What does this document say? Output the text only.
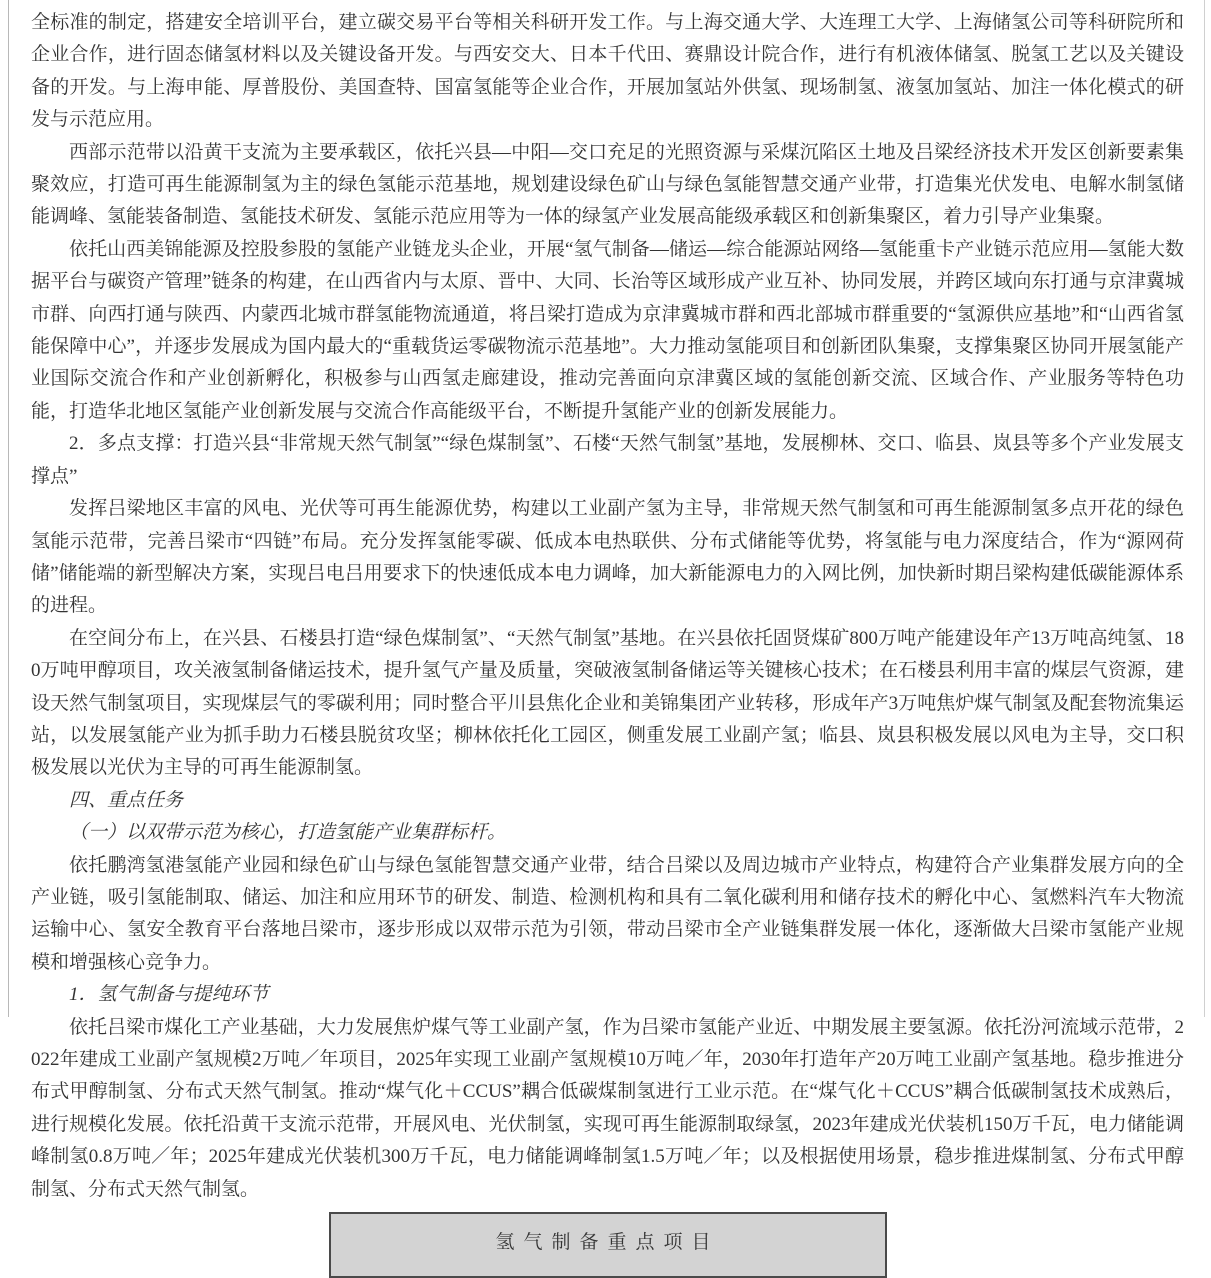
全标准的制定，搭建安全培训平台，建立碳交易平台等相关科研开发工作。与上海交通大学、大连理工大学、上海储氢公司等科研院所和企业合作，进行固态储氢材料以及关键设备开发。与西安交大、日本千代田、赛鼎设计院合作，进行有机液体储氢、脱氢工艺以及关键设备的开发。与上海申能、厚普股份、美国查特、国富氢能等企业合作，开展加氢站外供氢、现场制氢、液氢加氢站、加注一体化模式的研发与示范应用。

西部示范带以沿黄干支流为主要承载区，依托兴县—中阳—交口充足的光照资源与采煤沉陷区土地及吕梁经济技术开发区创新要素集聚效应，打造可再生能源制氢为主的绿色氢能示范基地，规划建设绿色矿山与绿色氢能智慧交通产业带，打造集光伏发电、电解水制氢储能调峰、氢能装备制造、氢能技术研发、氢能示范应用等为一体的绿氢产业发展高能级承载区和创新集聚区，着力引导产业集聚。

依托山西美锦能源及控股参股的氢能产业链龙头企业，开展“氢气制备—储运—综合能源站网络—氢能重卡产业链示范应用—氢能大数据平台与碳资产管理”链条的构建，在山西省内与太原、晋中、大同、长治等区域形成产业互补、协同发展，并跨区域向东打通与京津冀城市群、向西打通与陕西、内蒙西北城市群氢能物流通道，将吕梁打造成为京津冀城市群和西北部城市群重要的“氢源供应基地”和“山西省氢能保障中心”，并逐步发展成为国内最大的“重载货运零碳物流示范基地”。大力推动氢能项目和创新团队集聚，支撑集聚区协同开展氢能产业国际交流合作和产业创新孵化，积极参与山西氢走廊建设，推动完善面向京津冀区域的氢能创新交流、区域合作、产业服务等特色功能，打造华北地区氢能产业创新发展与交流合作高能级平台，不断提升氢能产业的创新发展能力。

2．多点支撑：打造兴县“非常规天然气制氢”“绿色煤制氢”、石楼“天然气制氢”基地，发展柳林、交口、临县、岚县等多个产业发展支撑点”

发挥吕梁地区丰富的风电、光伏等可再生能源优势，构建以工业副产氢为主导，非常规天然气制氢和可再生能源制氢多点开花的绿色氢能示范带，完善吕梁市“四链”布局。充分发挥氢能零碳、低成本电热联供、分布式储能等优势，将氢能与电力深度结合，作为“源网荷储”储能端的新型解决方案，实现吕电吕用要求下的快速低成本电力调峰，加大新能源电力的入网比例，加快新时期吕梁构建低碳能源体系的进程。

在空间分布上，在兴县、石楼县打造“绿色煤制氢”、“天然气制氢”基地。在兴县依托固贤煤矿800万吨产能建设年产13万吨高纯氢、180万吨甲醇项目，攻关液氢制备储运技术，提升氢气产量及质量，突破液氢制备储运等关键核心技术；在石楼县利用丰富的煤层气资源，建设天然气制氢项目，实现煤层气的零碳利用；同时整合平川县焦化企业和美锦集团产业转移，形成年产3万吨焦炉煤气制氢及配套物流集运站，以发展氢能产业为抓手助力石楼县脱贫攻坚；柳林依托化工园区，侧重发展工业副产氢；临县、岚县积极发展以风电为主导，交口积极发展以光伏为主导的可再生能源制氢。

四、重点任务

（一）以双带示范为核心，打造氢能产业集群标杆。

依托鹏湾氢港氢能产业园和绿色矿山与绿色氢能智慧交通产业带，结合吕梁以及周边城市产业特点，构建符合产业集群发展方向的全产业链，吸引氢能制取、储运、加注和应用环节的研发、制造、检测机构和具有二氧化碳利用和储存技术的孵化中心、氢燃料汽车大物流运输中心、氢安全教育平台落地吕梁市，逐步形成以双带示范为引领，带动吕梁市全产业链集群发展一体化，逐渐做大吕梁市氢能产业规模和增强核心竞争力。

1．氢气制备与提纯环节

依托吕梁市煤化工产业基础，大力发展焦炉煤气等工业副产氢，作为吕梁市氢能产业近、中期发展主要氢源。依托汾河流域示范带，2022年建成工业副产氢规模2万吨／年项目，2025年实现工业副产氢规模10万吨／年，2030年打造年产20万吨工业副产氢基地。稳步推进分布式甲醇制氢、分布式天然气制氢。推动“煤气化＋CCUS”耦合低碳煤制氢进行工业示范。在“煤气化＋CCUS”耦合低碳制氢技术成熟后，进行规模化发展。依托沿黄干支流示范带，开展风电、光伏制氢，实现可再生能源制取绿氢，2023年建成光伏装机150万千瓦，电力储能调峰制氢0.8万吨／年；2025年建成光伏装机300万千瓦，电力储能调峰制氢1.5万吨／年；以及根据使用场景，稳步推进煤制氢、分布式甲醇制氢、分布式天然气制氢。

氢气制备重点项目
